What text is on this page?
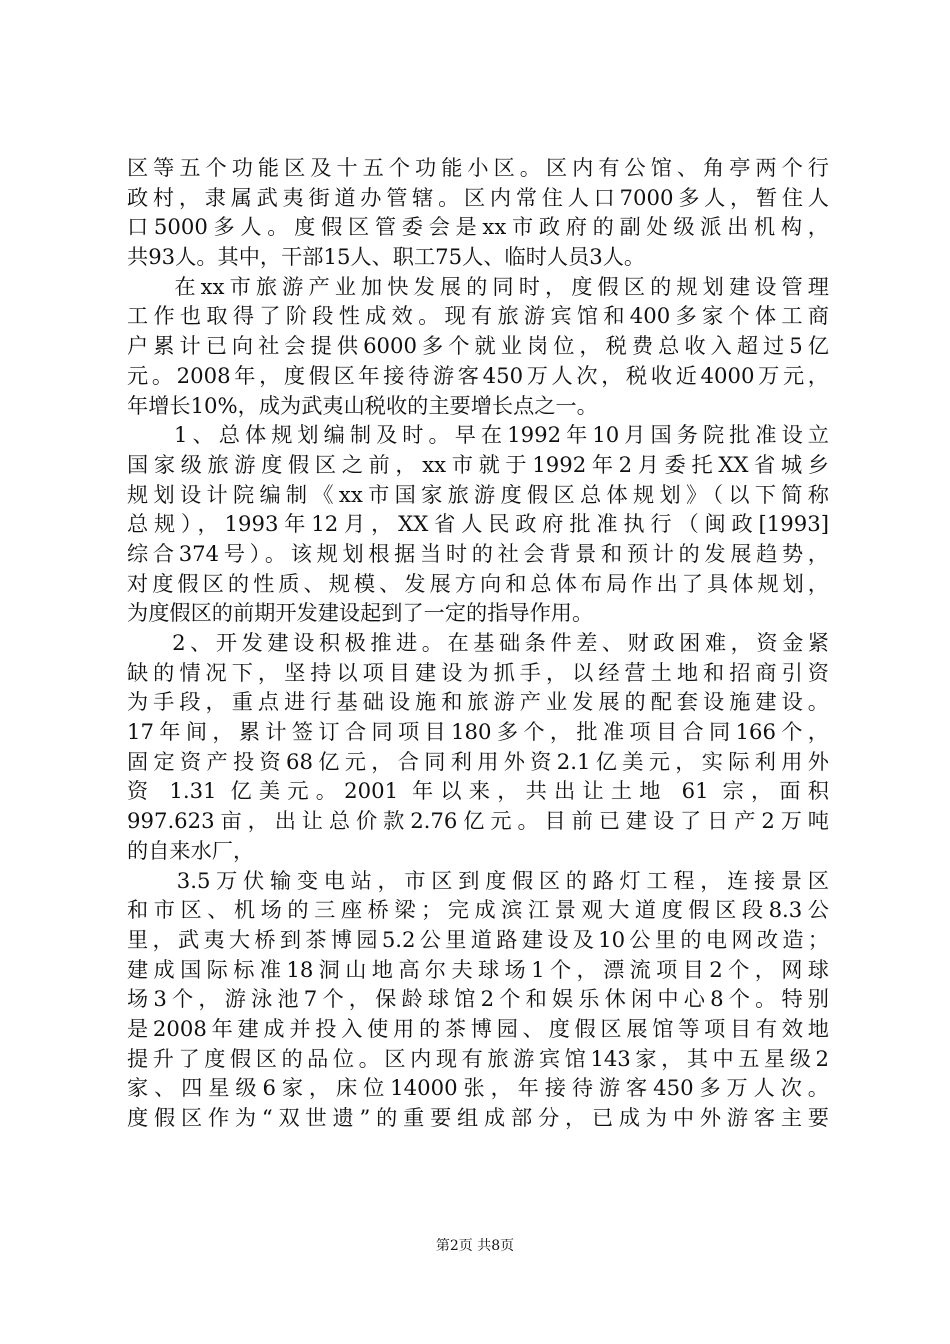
区等五个功能区及十五个功能小区。区内有公馆、角亭两个行
政村，隶属武夷街道办管辖。区内常住人口7000多人，暂住人
口5000多人。度假区管委会是xx市政府的副处级派出机构，
共93人。其中，干部15人、职工75人、临时人员3人。
在xx市旅游产业加快发展的同时，度假区的规划建设管理
工作也取得了阶段性成效。现有旅游宾馆和400多家个体工商
户累计已向社会提供6000多个就业岗位，税费总收入超过5亿
元。2008年，度假区年接待游客450万人次，税收近4000万元，
年增长10%，成为武夷山税收的主要增长点之一。
1、总体规划编制及时。早在1992年10月国务院批准设立
国家级旅游度假区之前，xx市就于1992年2月委托XX省城乡
规划设计院编制《xx市国家旅游度假区总体规划》（以下简称
总规），1993年12月，XX省人民政府批准执行（闽政[1993]
综合374号）。该规划根据当时的社会背景和预计的发展趋势，
对度假区的性质、规模、发展方向和总体布局作出了具体规划，
为度假区的前期开发建设起到了一定的指导作用。
2、开发建设积极推进。在基础条件差、财政困难，资金紧
缺的情况下，坚持以项目建设为抓手，以经营土地和招商引资
为手段，重点进行基础设施和旅游产业发展的配套设施建设。
17年间，累计签订合同项目180多个，批准项目合同166个，
固定资产投资68亿元，合同利用外资2.1亿美元，实际利用外
资 1.31 亿美元。2001 年以来，共出让土地 61 宗，面积
997.623亩，出让总价款2.76亿元。目前已建设了日产2万吨
的自来水厂，
3.5万伏输变电站，市区到度假区的路灯工程，连接景区
和市区、机场的三座桥梁；完成滨江景观大道度假区段8.3公
里，武夷大桥到茶博园5.2公里道路建设及10公里的电网改造；
建成国际标准18洞山地高尔夫球场1个，漂流项目2个，网球
场3个，游泳池7个，保龄球馆2个和娱乐休闲中心8个。特别
是2008年建成并投入使用的茶博园、度假区展馆等项目有效地
提升了度假区的品位。区内现有旅游宾馆143家，其中五星级2
家、四星级6家，床位14000张，年接待游客450多万人次。
度假区作为“双世遗”的重要组成部分，已成为中外游客主要
第2页 共8页
